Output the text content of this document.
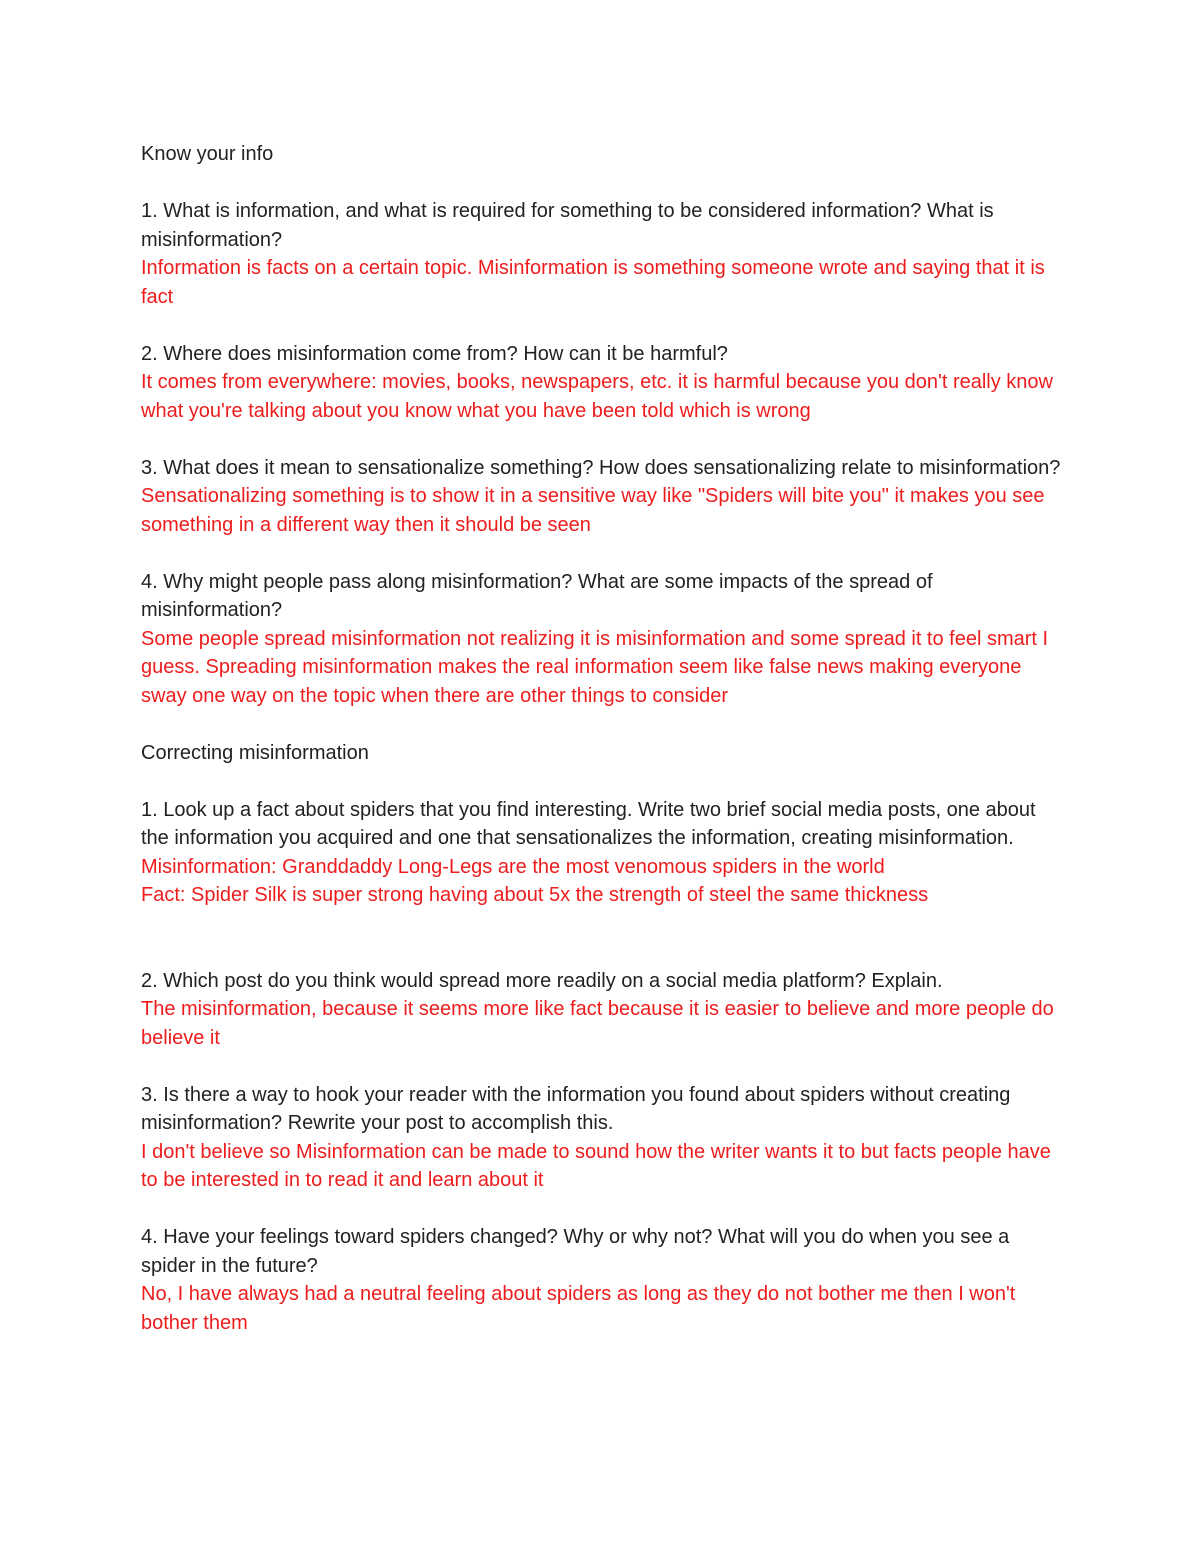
Know your info

1. What is information, and what is required for something to be considered information? What is misinformation?
Information is facts on a certain topic. Misinformation is something someone wrote and saying that it is fact

2. Where does misinformation come from? How can it be harmful?
It comes from everywhere: movies, books, newspapers, etc. it is harmful because you don't really know what you're talking about you know what you have been told which is wrong

3. What does it mean to sensationalize something? How does sensationalizing relate to misinformation?
Sensationalizing something is to show it in a sensitive way like "Spiders will bite you" it makes you see something in a different way then it should be seen

4. Why might people pass along misinformation? What are some impacts of the spread of misinformation?
Some people spread misinformation not realizing it is misinformation and some spread it to feel smart I guess. Spreading misinformation makes the real information seem like false news making everyone sway one way on the topic when there are other things to consider

Correcting misinformation

1. Look up a fact about spiders that you find interesting. Write two brief social media posts, one about the information you acquired and one that sensationalizes the information, creating misinformation.
Misinformation: Granddaddy Long-Legs are the most venomous spiders in the world
Fact: Spider Silk is super strong having about 5x the strength of steel the same thickness

2. Which post do you think would spread more readily on a social media platform? Explain.
The misinformation, because it seems more like fact because it is easier to believe and more people do believe it

3. Is there a way to hook your reader with the information you found about spiders without creating misinformation? Rewrite your post to accomplish this.
I don't believe so Misinformation can be made to sound how the writer wants it to but facts people have to be interested in to read it and learn about it

4. Have your feelings toward spiders changed? Why or why not? What will you do when you see a spider in the future?
No, I have always had a neutral feeling about spiders as long as they do not bother me then I won't bother them
